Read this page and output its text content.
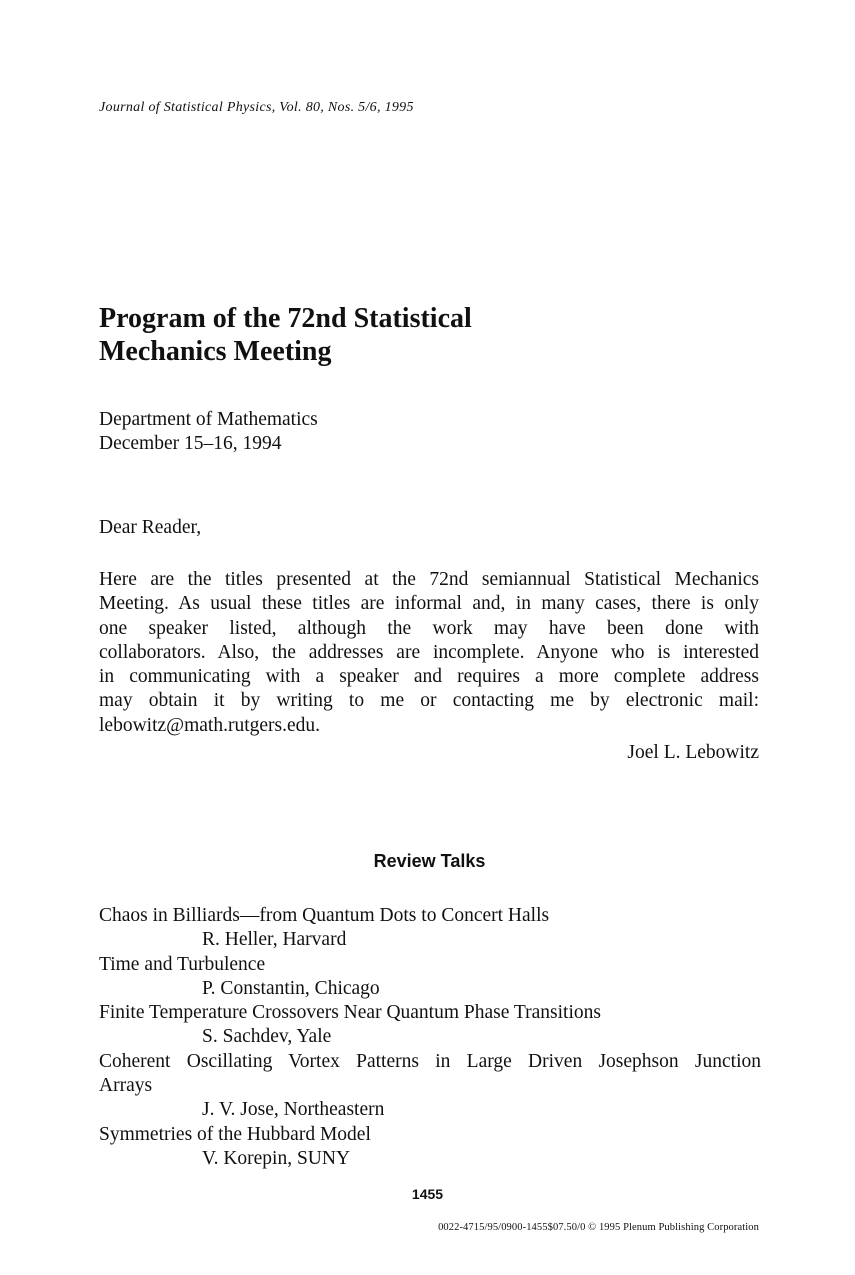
Journal of Statistical Physics, Vol. 80, Nos. 5/6, 1995
Program of the 72nd Statistical
Mechanics Meeting
Department of Mathematics
December 15–16, 1994
Dear Reader,
Here are the titles presented at the 72nd semiannual Statistical Mechanics
Meeting. As usual these titles are informal and, in many cases, there is only
one speaker listed, although the work may have been done with
collaborators. Also, the addresses are incomplete. Anyone who is interested
in communicating with a speaker and requires a more complete address
may obtain it by writing to me or contacting me by electronic mail:
lebowitz@math.rutgers.edu.
Joel L. Lebowitz
Review Talks
Chaos in Billiards—from Quantum Dots to Concert Halls
R. Heller, Harvard
Time and Turbulence
P. Constantin, Chicago
Finite Temperature Crossovers Near Quantum Phase Transitions
S. Sachdev, Yale
Coherent Oscillating Vortex Patterns in Large Driven Josephson Junction
Arrays
J. V. Jose, Northeastern
Symmetries of the Hubbard Model
V. Korepin, SUNY
1455
0022-4715/95/0900-1455$07.50/0 © 1995 Plenum Publishing Corporation
